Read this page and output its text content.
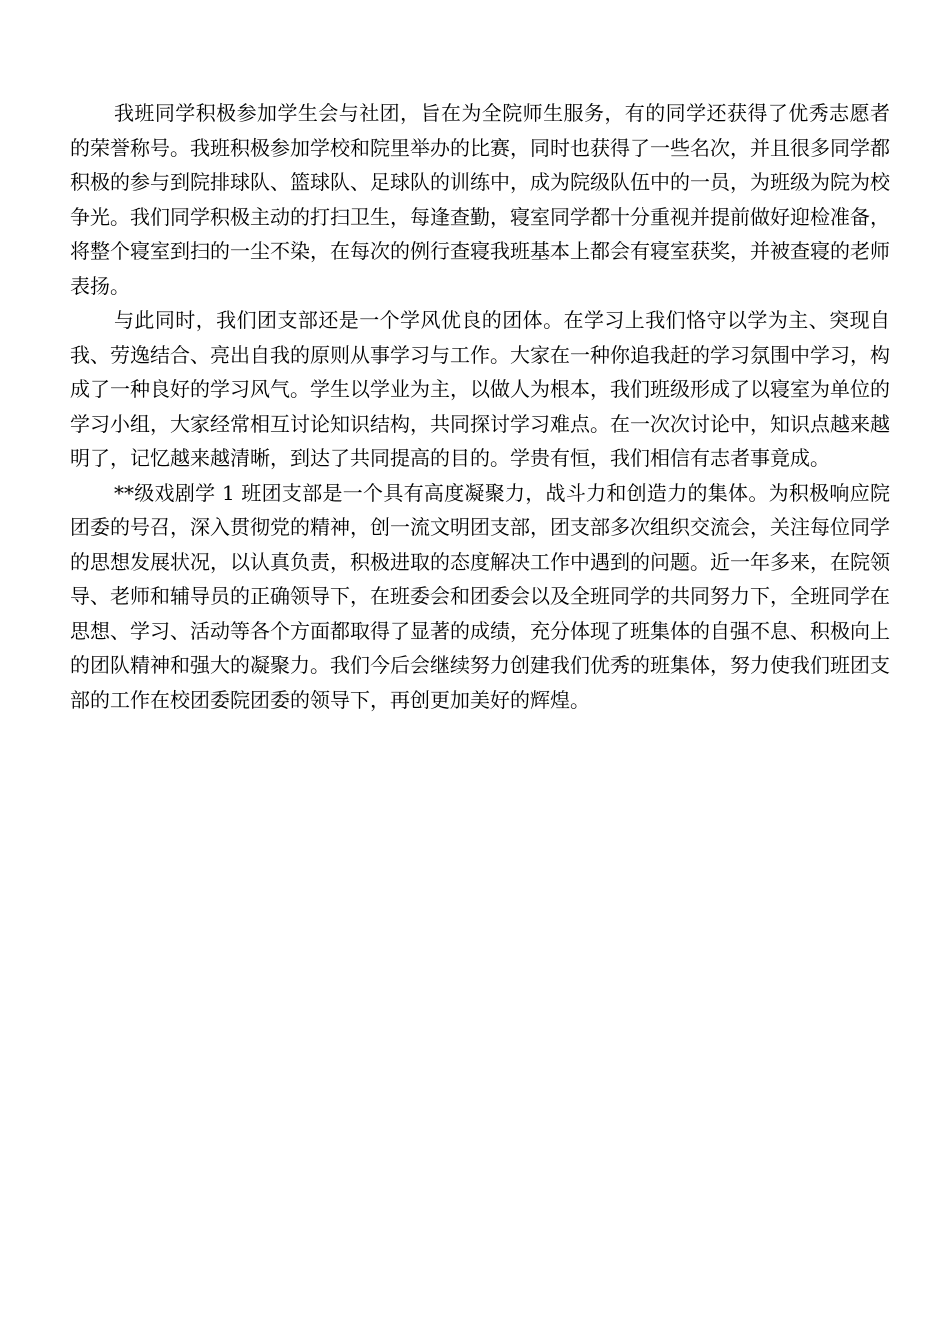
我班同学积极参加学生会与社团，旨在为全院师生服务，有的同学还获得了优秀志愿者的荣誉称号。我班积极参加学校和院里举办的比赛，同时也获得了一些名次，并且很多同学都积极的参与到院排球队、篮球队、足球队的训练中，成为院级队伍中的一员，为班级为院为校争光。我们同学积极主动的打扫卫生，每逢查勤，寝室同学都十分重视并提前做好迎检准备，将整个寝室到扫的一尘不染，在每次的例行查寝我班基本上都会有寝室获奖，并被查寝的老师表扬。

与此同时，我们团支部还是一个学风优良的团体。在学习上我们恪守以学为主、突现自我、劳逸结合、亮出自我的原则从事学习与工作。大家在一种你追我赶的学习氛围中学习，构成了一种良好的学习风气。学生以学业为主，以做人为根本，我们班级形成了以寝室为单位的学习小组，大家经常相互讨论知识结构，共同探讨学习难点。在一次次讨论中，知识点越来越明了，记忆越来越清晰，到达了共同提高的目的。学贵有恒，我们相信有志者事竟成。

**级戏剧学 1 班团支部是一个具有高度凝聚力，战斗力和创造力的集体。为积极响应院团委的号召，深入贯彻党的精神，创一流文明团支部，团支部多次组织交流会，关注每位同学的思想发展状况，以认真负责，积极进取的态度解决工作中遇到的问题。近一年多来，在院领导、老师和辅导员的正确领导下，在班委会和团委会以及全班同学的共同努力下，全班同学在思想、学习、活动等各个方面都取得了显著的成绩，充分体现了班集体的自强不息、积极向上的团队精神和强大的凝聚力。我们今后会继续努力创建我们优秀的班集体，努力使我们班团支部的工作在校团委院团委的领导下，再创更加美好的辉煌。
